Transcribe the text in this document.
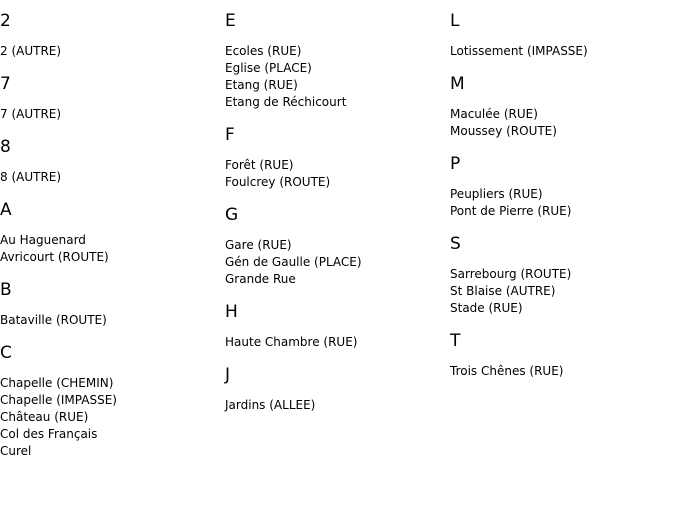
2
2 (AUTRE)
7
7 (AUTRE)
8
8 (AUTRE)
A
Au Haguenard
Avricourt (ROUTE)
B
Bataville (ROUTE)
C
Chapelle (CHEMIN)
Chapelle (IMPASSE)
Château (RUE)
Col des Français
Curel
E
Ecoles (RUE)
Eglise (PLACE)
Etang (RUE)
Etang de Réchicourt
F
Forêt (RUE)
Foulcrey (ROUTE)
G
Gare (RUE)
Gén de Gaulle (PLACE)
Grande Rue
H
Haute Chambre (RUE)
J
Jardins (ALLEE)
L
Lotissement (IMPASSE)
M
Maculée (RUE)
Moussey (ROUTE)
P
Peupliers (RUE)
Pont de Pierre (RUE)
S
Sarrebourg (ROUTE)
St Blaise (AUTRE)
Stade (RUE)
T
Trois Chênes (RUE)
